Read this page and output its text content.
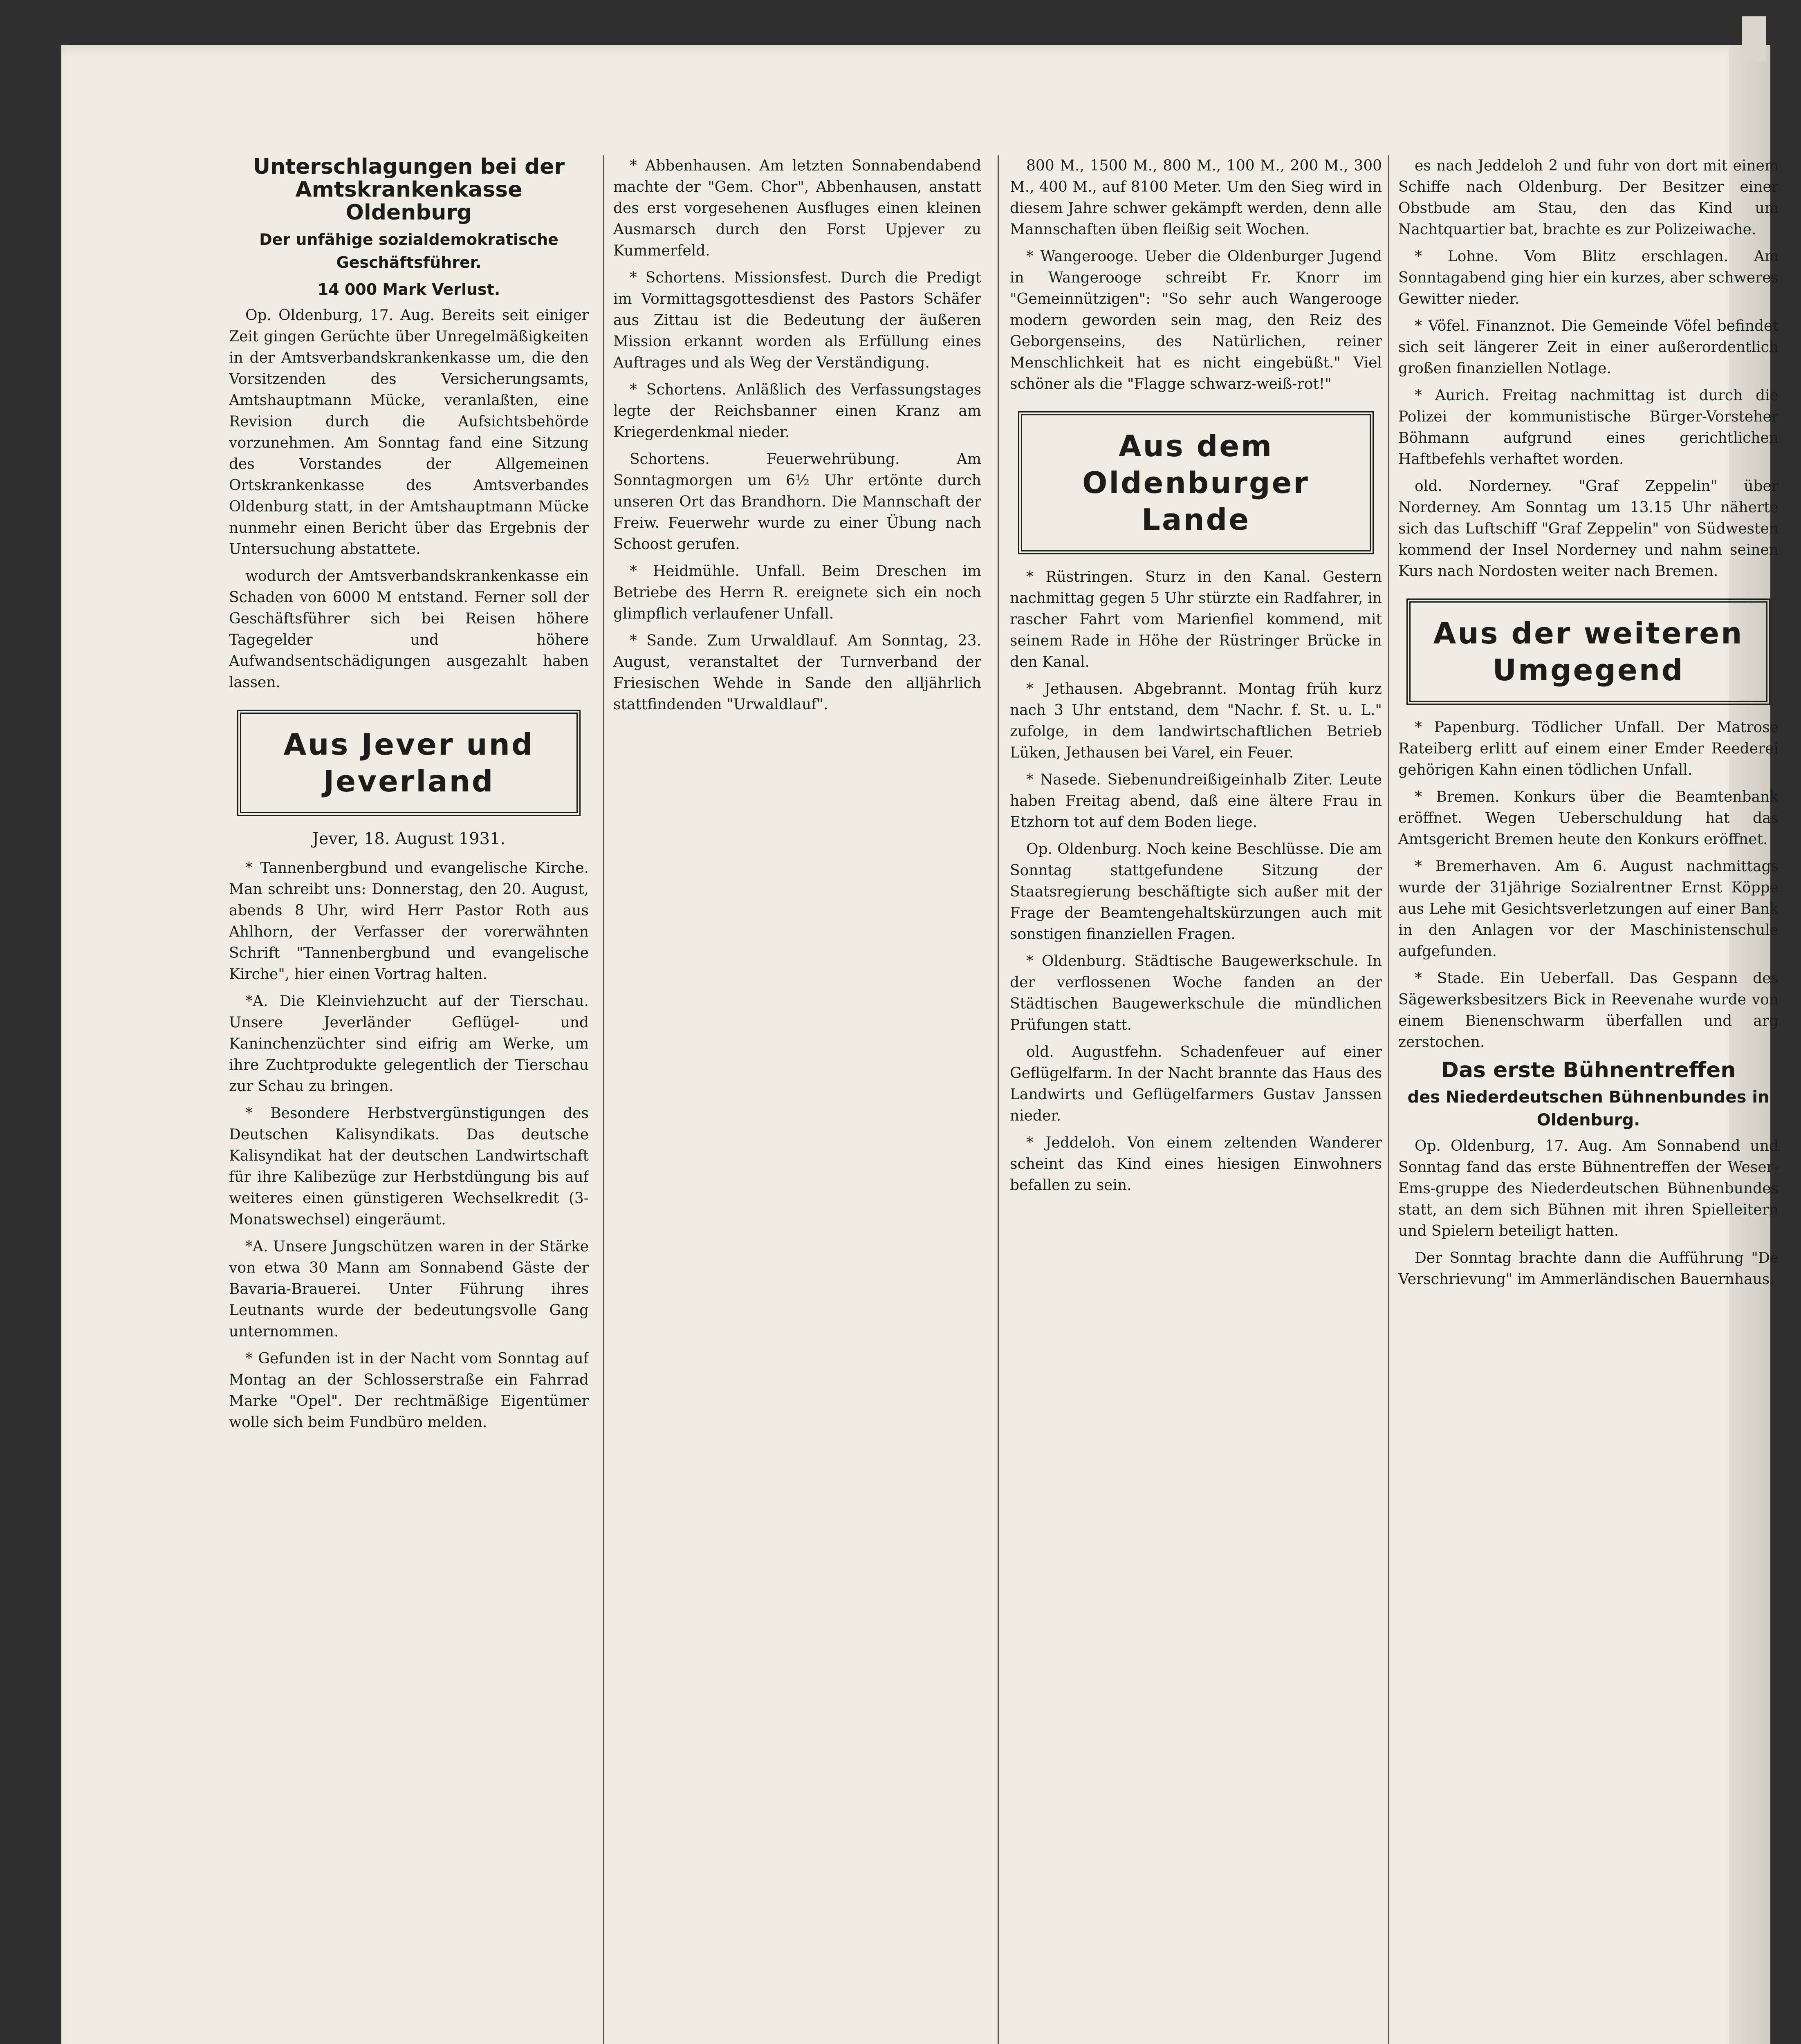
Unterschlagungen bei der Amtskrankenkasse Oldenburg
Der unfähige sozialdemokratische Geschäftsführer.
14 000 Mark Verlust.

Op. Oldenburg, 17. Aug. Bereits seit einiger Zeit gingen Gerüchte über Unregelmäßigkeiten in der Amtsverbandskrankenkasse um, die den Vorsitzenden des Versicherungsamts, Amtshauptmann Mücke, veranlaßten, eine Revision durch die Aufsichtsbehörde vorzunehmen. Am Sonntag fand eine Sitzung des Vorstandes der Allgemeinen Ortskrankenkasse des Amtsverbandes Oldenburg statt, in der Amtshauptmann Mücke nunmehr einen Bericht über das Ergebnis der Untersuchung abstattete.

wodurch der Amtsverbandskrankenkasse ein Schaden von 6000 M entstand. Ferner soll der Geschäftsführer sich bei Reisen höhere Tagegelder und höhere Aufwandsentschädigungen ausgezahlt haben lassen.

Aus Jever und Jeverland
Jever, 18. August 1931.

* Tannenbergbund und evangelische Kirche. Man schreibt uns: Donnerstag, den 20. August, abends 8 Uhr, wird Herr Pastor Roth aus Ahlhorn, der Verfasser der vorerwähnten Schrift "Tannenbergbund und evangelische Kirche", hier einen Vortrag halten.

*A. Die Kleinviehzucht auf der Tierschau. Unsere Jeverländer Geflügel- und Kaninchenzüchter sind eifrig am Werke, um ihre Zuchtprodukte gelegentlich der Tierschau zur Schau zu bringen.

* Besondere Herbstvergünstigungen des Deutschen Kalisyndikats. Das deutsche Kalisyndikat hat der deutschen Landwirtschaft für ihre Kalibezüge zur Herbstdüngung bis auf weiteres einen günstigeren Wechselkredit (3-Monatswechsel) eingeräumt.

*A. Unsere Jungschützen waren in der Stärke von etwa 30 Mann am Sonnabend Gäste der Bavaria-Brauerei. Unter Führung ihres Leutnants wurde der bedeutungsvolle Gang unternommen.

* Gefunden ist in der Nacht vom Sonntag auf Montag an der Schlosserstraße ein Fahrrad Marke "Opel". Der rechtmäßige Eigentümer wolle sich beim Fundbüro melden.

* Abbenhausen. Am letzten Sonnabendabend machte der "Gem. Chor", Abbenhausen, anstatt des erst vorgesehenen Ausfluges einen kleinen Ausmarsch durch den Forst Upjever zu Kummerfeld.

* Schortens. Missionsfest. Durch die Predigt im Vormittagsgottesdienst des Pastors Schäfer aus Zittau ist die Bedeutung der äußeren Mission erkannt worden als Erfüllung eines Auftrages und als Weg der Verständigung.

* Schortens. Anläßlich des Verfassungstages legte der Reichsbanner einen Kranz am Kriegerdenkmal nieder.

Schortens. Feuerwehrübung. Am Sonntagmorgen um 6½ Uhr ertönte durch unseren Ort das Brandhorn. Die Mannschaft der Freiw. Feuerwehr wurde zu einer Übung nach Schoost gerufen.

* Heidmühle. Unfall. Beim Dreschen im Betriebe des Herrn R. ereignete sich ein noch glimpflich verlaufener Unfall.

* Sande. Zum Urwaldlauf. Am Sonntag, 23. August, veranstaltet der Turnverband der Friesischen Wehde in Sande den alljährlich stattfindenden "Urwaldlauf".

800 M., 1500 M., 800 M., 100 M., 200 M., 300 M., 400 M., auf 8100 Meter. Um den Sieg wird in diesem Jahre schwer gekämpft werden, denn alle Mannschaften üben fleißig seit Wochen.

* Wangerooge. Ueber die Oldenburger Jugend in Wangerooge schreibt Fr. Knorr im "Gemeinnützigen": "So sehr auch Wangerooge modern geworden sein mag, den Reiz des Geborgenseins, des Natürlichen, reiner Menschlichkeit hat es nicht eingebüßt." Viel schöner als die "Flagge schwarz-weiß-rot!"

Aus dem Oldenburger Lande

* Rüstringen. Sturz in den Kanal. Gestern nachmittag gegen 5 Uhr stürzte ein Radfahrer, in rascher Fahrt vom Marienfiel kommend, mit seinem Rade in Höhe der Rüstringer Brücke in den Kanal.

* Jethausen. Abgebrannt. Montag früh kurz nach 3 Uhr entstand, dem "Nachr. f. St. u. L." zufolge, in dem landwirtschaftlichen Betrieb Lüken, Jethausen bei Varel, ein Feuer.

* Nasede. Siebenundreißigeinhalb Ziter. Leute haben Freitag abend, daß eine ältere Frau in Etzhorn tot auf dem Boden liege.

Op. Oldenburg. Noch keine Beschlüsse. Die am Sonntag stattgefundene Sitzung der Staatsregierung beschäftigte sich außer mit der Frage der Beamtengehaltskürzungen auch mit sonstigen finanziellen Fragen.

* Oldenburg. Städtische Baugewerkschule. In der verflossenen Woche fanden an der Städtischen Baugewerkschule die mündlichen Prüfungen statt.

old. Augustfehn. Schadenfeuer auf einer Geflügelfarm. In der Nacht brannte das Haus des Landwirts und Geflügelfarmers Gustav Janssen nieder.

* Jeddeloh. Von einem zeltenden Wanderer scheint das Kind eines hiesigen Einwohners befallen zu sein.

es nach Jeddeloh 2 und fuhr von dort mit einem Schiffe nach Oldenburg. Der Besitzer einer Obstbude am Stau, den das Kind um Nachtquartier bat, brachte es zur Polizeiwache.

* Lohne. Vom Blitz erschlagen. Am Sonntagabend ging hier ein kurzes, aber schweres Gewitter nieder.

* Vöfel. Finanznot. Die Gemeinde Vöfel befindet sich seit längerer Zeit in einer außerordentlich großen finanziellen Notlage.

* Aurich. Freitag nachmittag ist durch die Polizei der kommunistische Bürger-Vorsteher Böhmann aufgrund eines gerichtlichen Haftbefehls verhaftet worden.

old. Norderney. "Graf Zeppelin" über Norderney. Am Sonntag um 13.15 Uhr näherte sich das Luftschiff "Graf Zeppelin" von Südwesten kommend der Insel Norderney und nahm seinen Kurs nach Nordosten weiter nach Bremen.

Aus der weiteren Umgegend

* Papenburg. Tödlicher Unfall. Der Matrose Rateiberg erlitt auf einem einer Emder Reederei gehörigen Kahn einen tödlichen Unfall.

* Bremen. Konkurs über die Beamtenbank eröffnet. Wegen Ueberschuldung hat das Amtsgericht Bremen heute den Konkurs eröffnet.

* Bremerhaven. Am 6. August nachmittags wurde der 31jährige Sozialrentner Ernst Köppe aus Lehe mit Gesichtsverletzungen auf einer Bank in den Anlagen vor der Maschinistenschule aufgefunden.

* Stade. Ein Ueberfall. Das Gespann des Sägewerksbesitzers Bick in Reevenahe wurde von einem Bienenschwarm überfallen und arg zerstochen.

Das erste Bühnentreffen
des Niederdeutschen Bühnenbundes in Oldenburg.

Op. Oldenburg, 17. Aug. Am Sonnabend und Sonntag fand das erste Bühnentreffen der Weser-Ems-gruppe des Niederdeutschen Bühnenbundes statt, an dem sich Bühnen mit ihren Spielleitern und Spielern beteiligt hatten.

Der Sonntag brachte dann die Aufführung "De Verschrievung" im Ammerländischen Bauernhaus.
